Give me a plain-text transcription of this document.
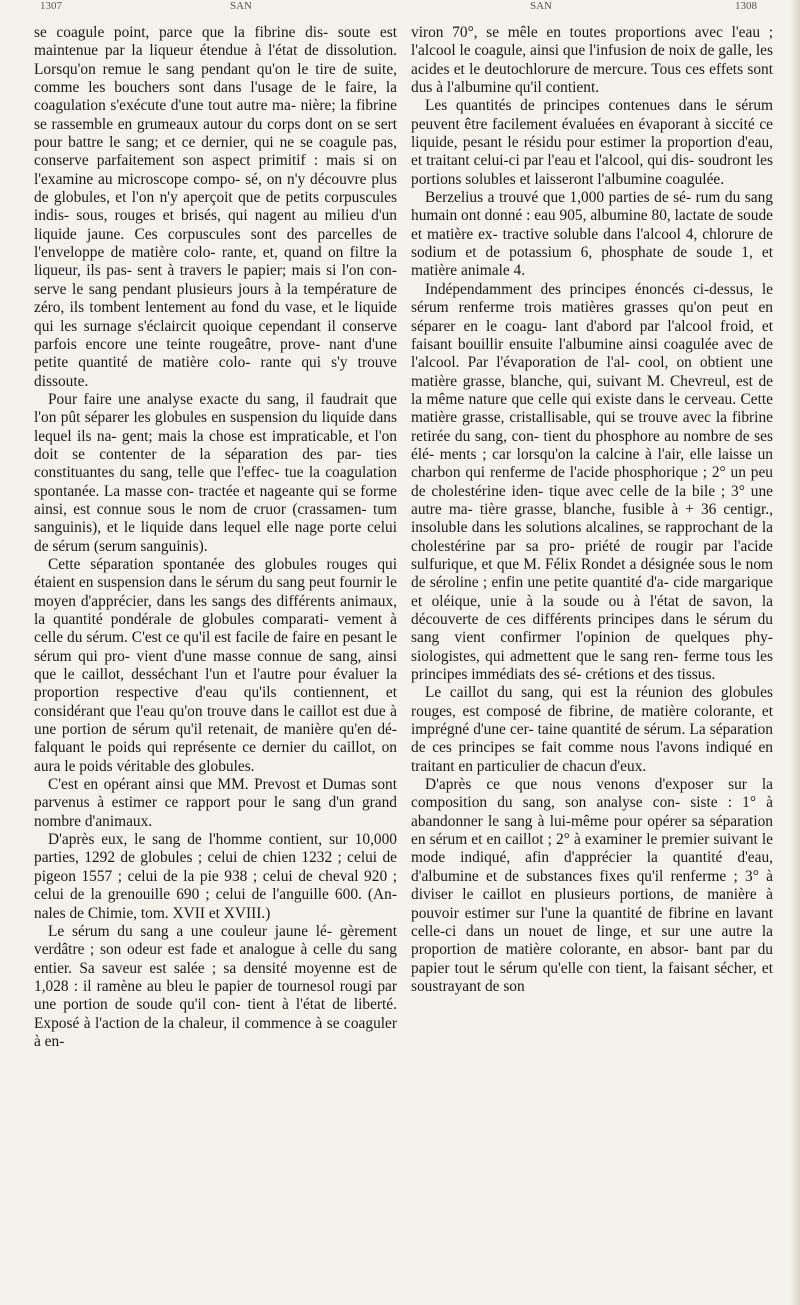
1307	SAN	SAN	1308

se coagule point, parce que la fibrine dis- soute est maintenue par la liqueur étendue à l'état de dissolution. Lorsqu'on remue le sang pendant qu'on le tire de suite, comme les bouchers sont dans l'usage de le faire, la coagulation s'exécute d'une tout autre ma- nière; la fibrine se rassemble en grumeaux autour du corps dont on se sert pour battre le sang; et ce dernier, qui ne se coagule pas, conserve parfaitement son aspect primitif : mais si on l'examine au microscope compo- sé, on n'y découvre plus de globules, et l'on n'y aperçoit que de petits corpuscules indis- sous, rouges et brisés, qui nagent au milieu d'un liquide jaune. Ces corpuscules sont des parcelles de l'enveloppe de matière colo- rante, et, quand on filtre la liqueur, ils pas- sent à travers le papier; mais si l'on con- serve le sang pendant plusieurs jours à la température de zéro, ils tombent lentement au fond du vase, et le liquide qui les surnage s'éclaircit quoique cependant il conserve parfois encore une teinte rougeâtre, prove- nant d'une petite quantité de matière colo- rante qui s'y trouve dissoute.

Pour faire une analyse exacte du sang, il faudrait que l'on pût séparer les globules en suspension du liquide dans lequel ils na- gent; mais la chose est impraticable, et l'on doit se contenter de la séparation des par- ties constituantes du sang, telle que l'effec- tue la coagulation spontanée. La masse con- tractée et nageante qui se forme ainsi, est connue sous le nom de cruor (crassamen- tum sanguinis), et le liquide dans lequel elle nage porte celui de sérum (serum sanguinis).

Cette séparation spontanée des globules rouges qui étaient en suspension dans le sérum du sang peut fournir le moyen d'apprécier, dans les sangs des différents animaux, la quantité pondérale de globules comparati- vement à celle du sérum. C'est ce qu'il est facile de faire en pesant le sérum qui pro- vient d'une masse connue de sang, ainsi que le caillot, desséchant l'un et l'autre pour évaluer la proportion respective d'eau qu'ils contiennent, et considérant que l'eau qu'on trouve dans le caillot est due à une portion de sérum qu'il retenait, de manière qu'en dé- falquant le poids qui représente ce dernier du caillot, on aura le poids véritable des globules.

C'est en opérant ainsi que MM. Prevost et Dumas sont parvenus à estimer ce rapport pour le sang d'un grand nombre d'animaux.

D'après eux, le sang de l'homme contient, sur 10,000 parties, 1292 de globules ; celui de chien 1232 ; celui de pigeon 1557 ; celui de la pie 938 ; celui de cheval 920 ; celui de la grenouille 690 ; celui de l'anguille 600. (An- nales de Chimie, tom. XVII et XVIII.)

Le sérum du sang a une couleur jaune lé- gèrement verdâtre ; son odeur est fade et analogue à celle du sang entier. Sa saveur est salée ; sa densité moyenne est de 1,028 : il ramène au bleu le papier de tournesol rougi par une portion de soude qu'il con- tient à l'état de liberté. Exposé à l'action de la chaleur, il commence à se coaguler à en-

viron 70°, se mêle en toutes proportions avec l'eau ; l'alcool le coagule, ainsi que l'infusion de noix de galle, les acides et le deutochlorure de mercure. Tous ces effets sont dus à l'albumine qu'il contient.

Les quantités de principes contenues dans le sérum peuvent être facilement évaluées en évaporant à siccité ce liquide, pesant le résidu pour estimer la proportion d'eau, et traitant celui-ci par l'eau et l'alcool, qui dis- soudront les portions solubles et laisseront l'albumine coagulée.

Berzelius a trouvé que 1,000 parties de sé- rum du sang humain ont donné : eau 905, albumine 80, lactate de soude et matière ex- tractive soluble dans l'alcool 4, chlorure de sodium et de potassium 6, phosphate de soude 1, et matière animale 4.

Indépendamment des principes énoncés ci-dessus, le sérum renferme trois matières grasses qu'on peut en séparer en le coagu- lant d'abord par l'alcool froid, et faisant bouillir ensuite l'albumine ainsi coagulée avec de l'alcool. Par l'évaporation de l'al- cool, on obtient une matière grasse, blanche, qui, suivant M. Chevreul, est de la même nature que celle qui existe dans le cerveau. Cette matière grasse, cristallisable, qui se trouve avec la fibrine retirée du sang, con- tient du phosphore au nombre de ses élé- ments ; car lorsqu'on la calcine à l'air, elle laisse un charbon qui renferme de l'acide phosphorique ; 2° un peu de cholestérine iden- tique avec celle de la bile ; 3° une autre ma- tière grasse, blanche, fusible à + 36 centigr., insoluble dans les solutions alcalines, se rapprochant de la cholestérine par sa pro- priété de rougir par l'acide sulfurique, et que M. Félix Rondet a désignée sous le nom de séroline ; enfin une petite quantité d'a- cide margarique et oléique, unie à la soude ou à l'état de savon, la découverte de ces différents principes dans le sérum du sang vient confirmer l'opinion de quelques phy- siologistes, qui admettent que le sang ren- ferme tous les principes immédiats des sé- crétions et des tissus.

Le caillot du sang, qui est la réunion des globules rouges, est composé de fibrine, de matière colorante, et imprégné d'une cer- taine quantité de sérum. La séparation de ces principes se fait comme nous l'avons indiqué en traitant en particulier de chacun d'eux.

D'après ce que nous venons d'exposer sur la composition du sang, son analyse con- siste : 1° à abandonner le sang à lui-même pour opérer sa séparation en sérum et en caillot ; 2° à examiner le premier suivant le mode indiqué, afin d'apprécier la quantité d'eau, d'albumine et de substances fixes qu'il renferme ; 3° à diviser le caillot en plusieurs portions, de manière à pouvoir estimer sur l'une la quantité de fibrine en lavant celle-ci dans un nouet de linge, et sur une autre la proportion de matière colorante, en absor- bant par du papier tout le sérum qu'elle con tient, la faisant sécher, et soustrayant de son
